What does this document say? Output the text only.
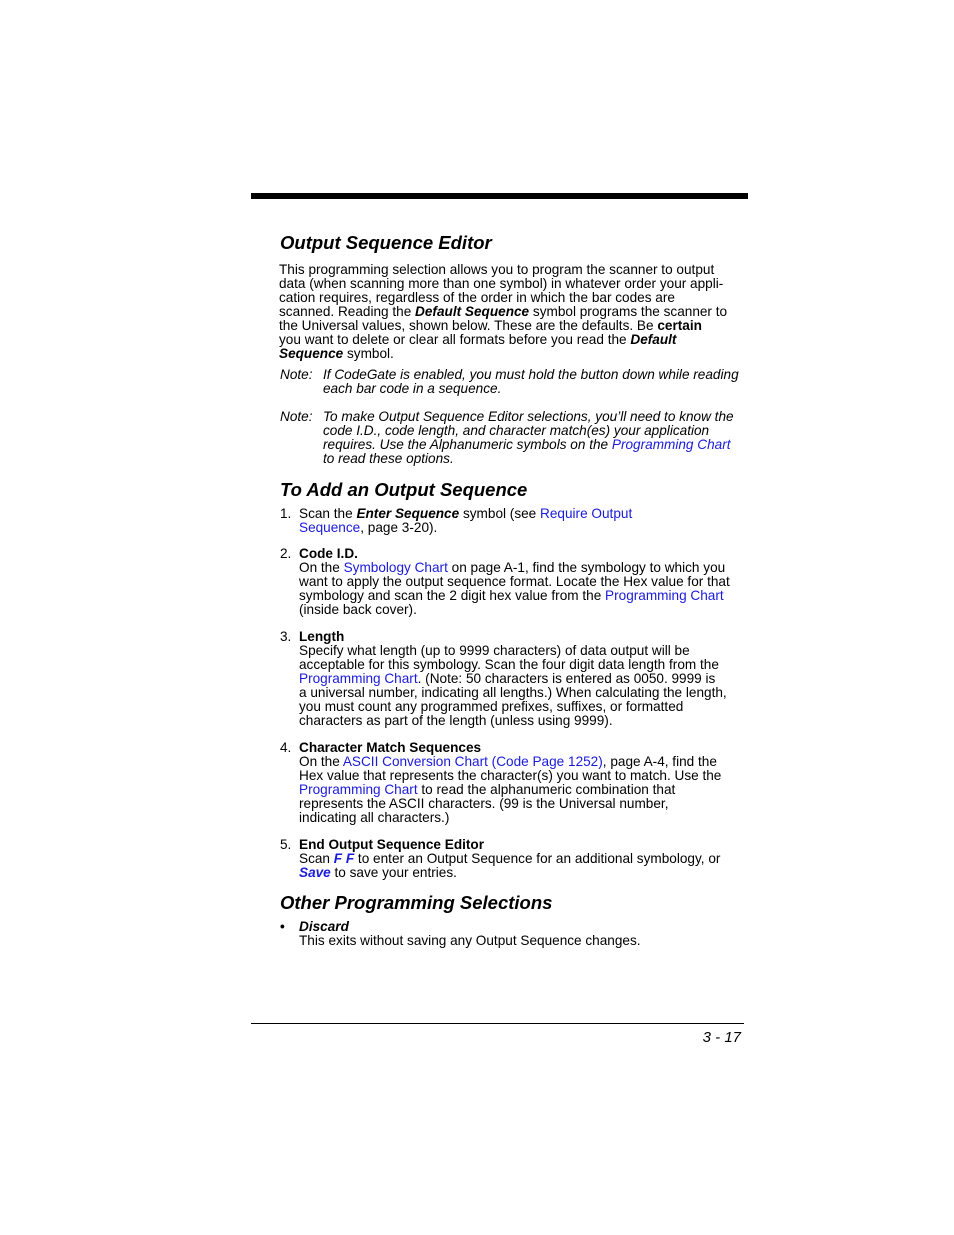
Output Sequence Editor
This programming selection allows you to program the scanner to output
data (when scanning more than one symbol) in whatever order your appli-
cation requires, regardless of the order in which the bar codes are
scanned. Reading the Default Sequence symbol programs the scanner to
the Universal values, shown below. These are the defaults. Be certain
you want to delete or clear all formats before you read the Default
Sequence symbol.
Note: If CodeGate is enabled, you must hold the button down while reading
each bar code in a sequence.
Note: To make Output Sequence Editor selections, you’ll need to know the
code I.D., code length, and character match(es) your application
requires. Use the Alphanumeric symbols on the Programming Chart
to read these options.
To Add an Output Sequence
1. Scan the Enter Sequence symbol (see Require Output
Sequence, page 3-20).
2. Code I.D.
On the Symbology Chart on page A-1, find the symbology to which you
want to apply the output sequence format. Locate the Hex value for that
symbology and scan the 2 digit hex value from the Programming Chart
(inside back cover).
3. Length
Specify what length (up to 9999 characters) of data output will be
acceptable for this symbology. Scan the four digit data length from the
Programming Chart. (Note: 50 characters is entered as 0050. 9999 is
a universal number, indicating all lengths.) When calculating the length,
you must count any programmed prefixes, suffixes, or formatted
characters as part of the length (unless using 9999).
4. Character Match Sequences
On the ASCII Conversion Chart (Code Page 1252), page A-4, find the
Hex value that represents the character(s) you want to match. Use the
Programming Chart to read the alphanumeric combination that
represents the ASCII characters. (99 is the Universal number,
indicating all characters.)
5. End Output Sequence Editor
Scan F F to enter an Output Sequence for an additional symbology, or
Save to save your entries.
Other Programming Selections
• Discard
This exits without saving any Output Sequence changes.
3 - 17
